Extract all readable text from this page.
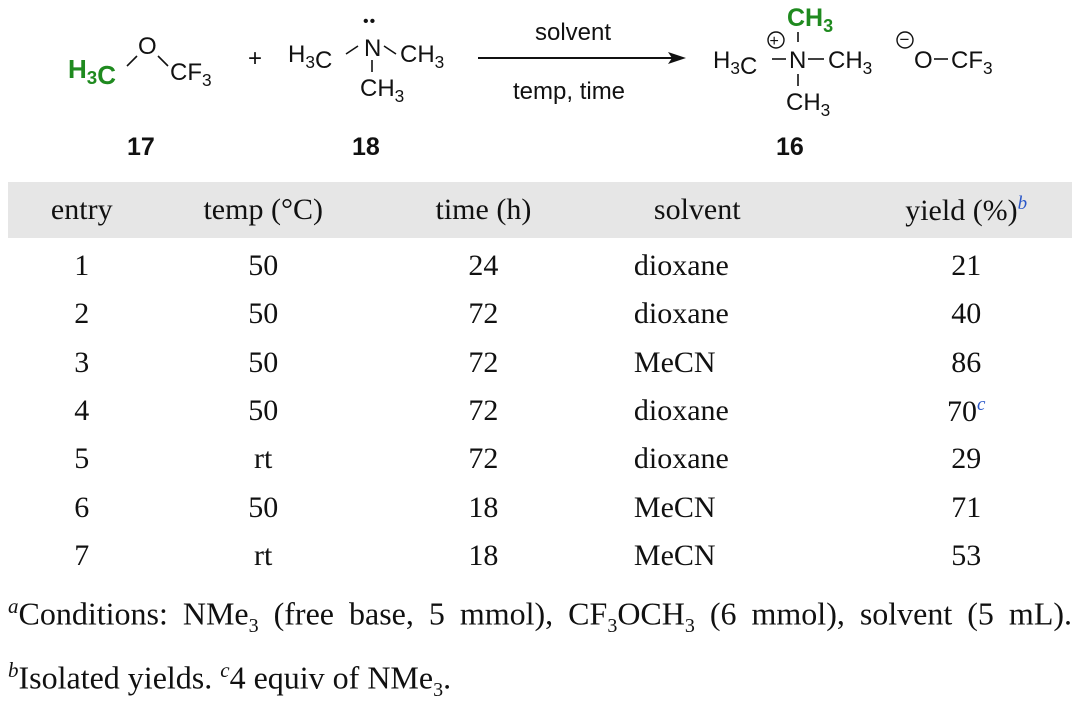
$H_3C$
O
$CF_3$
17
+ $H_3C$ N
••
$CH_3$
$CH_3$
18
solvent
temp, time
$CH_3$
+
$H_3C$ N $CH_3$
$CH_3$
16
−
O $CF_3$
entry	temp (°C)	time (h)	solvent	yield (%)$^b$
1	50	24	dioxane	21
2	50	72	dioxane	40
3	50	72	MeCN	86
4	50	72	dioxane	70$^c$
5	rt	72	dioxane	29
6	50	18	MeCN	71
7	rt	18	MeCN	53
$^a$Conditions: NMe$_3$ (free base, 5 mmol), $CF_3OCH_3$ (6 mmol), solvent (5 mL). $^b$Isolated yields. $^c$4 equiv of NMe$_3$.
